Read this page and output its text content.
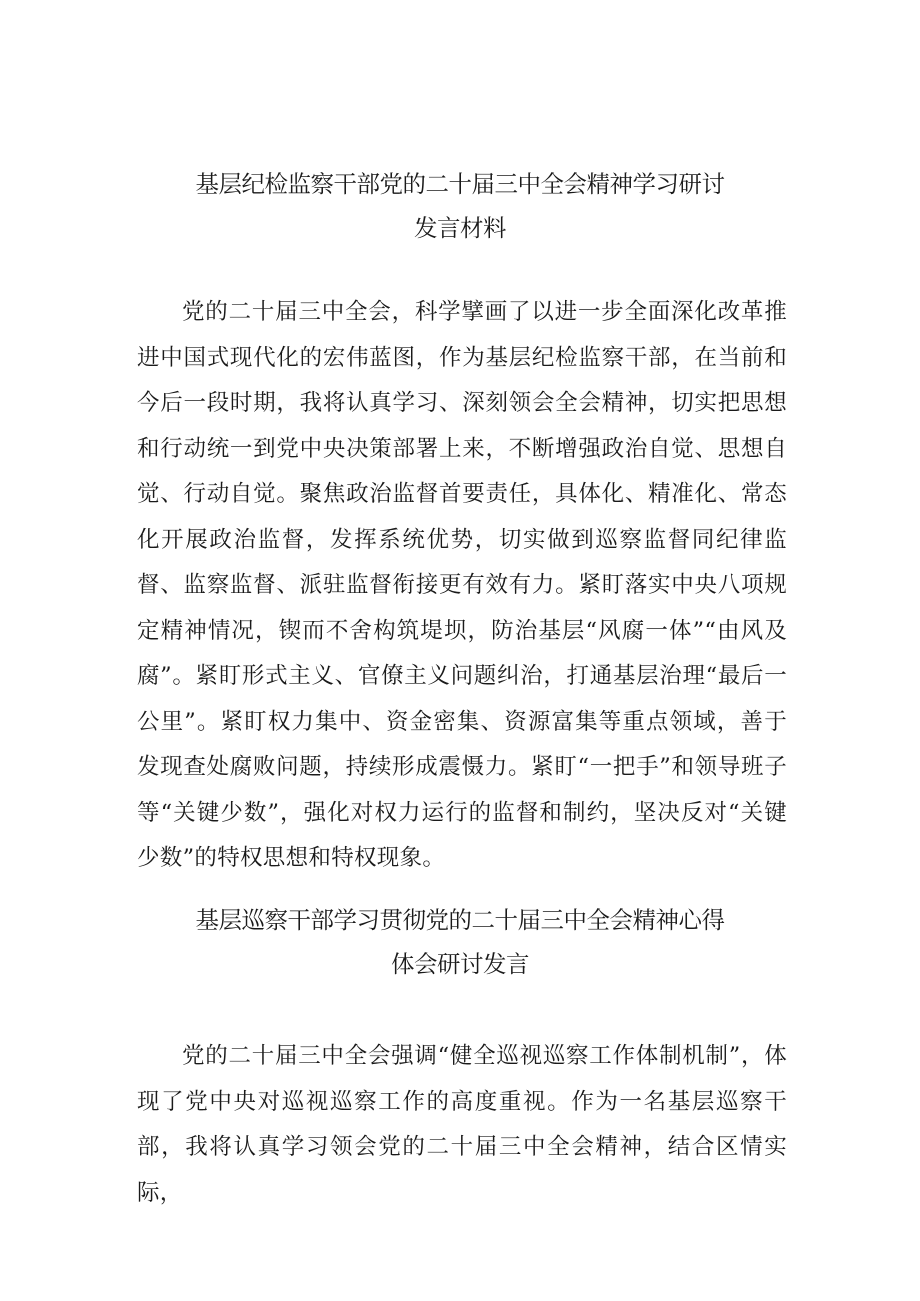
基层纪检监察干部党的二十届三中全会精神学习研讨
发言材料

党的二十届三中全会，科学擘画了以进一步全面深化改革推进中国式现代化的宏伟蓝图，作为基层纪检监察干部，在当前和今后一段时期，我将认真学习、深刻领会全会精神，切实把思想和行动统一到党中央决策部署上来，不断增强政治自觉、思想自觉、行动自觉。聚焦政治监督首要责任，具体化、精准化、常态化开展政治监督，发挥系统优势，切实做到巡察监督同纪律监督、监察监督、派驻监督衔接更有效有力。紧盯落实中央八项规定精神情况，锲而不舍构筑堤坝，防治基层“风腐一体”“由风及腐”。紧盯形式主义、官僚主义问题纠治，打通基层治理“最后一公里”。紧盯权力集中、资金密集、资源富集等重点领域，善于发现查处腐败问题，持续形成震慑力。紧盯“一把手”和领导班子等“关键少数”，强化对权力运行的监督和制约，坚决反对“关键少数”的特权思想和特权现象。

基层巡察干部学习贯彻党的二十届三中全会精神心得
体会研讨发言

党的二十届三中全会强调“健全巡视巡察工作体制机制”，体现了党中央对巡视巡察工作的高度重视。作为一名基层巡察干部，我将认真学习领会党的二十届三中全会精神，结合区情实际，
